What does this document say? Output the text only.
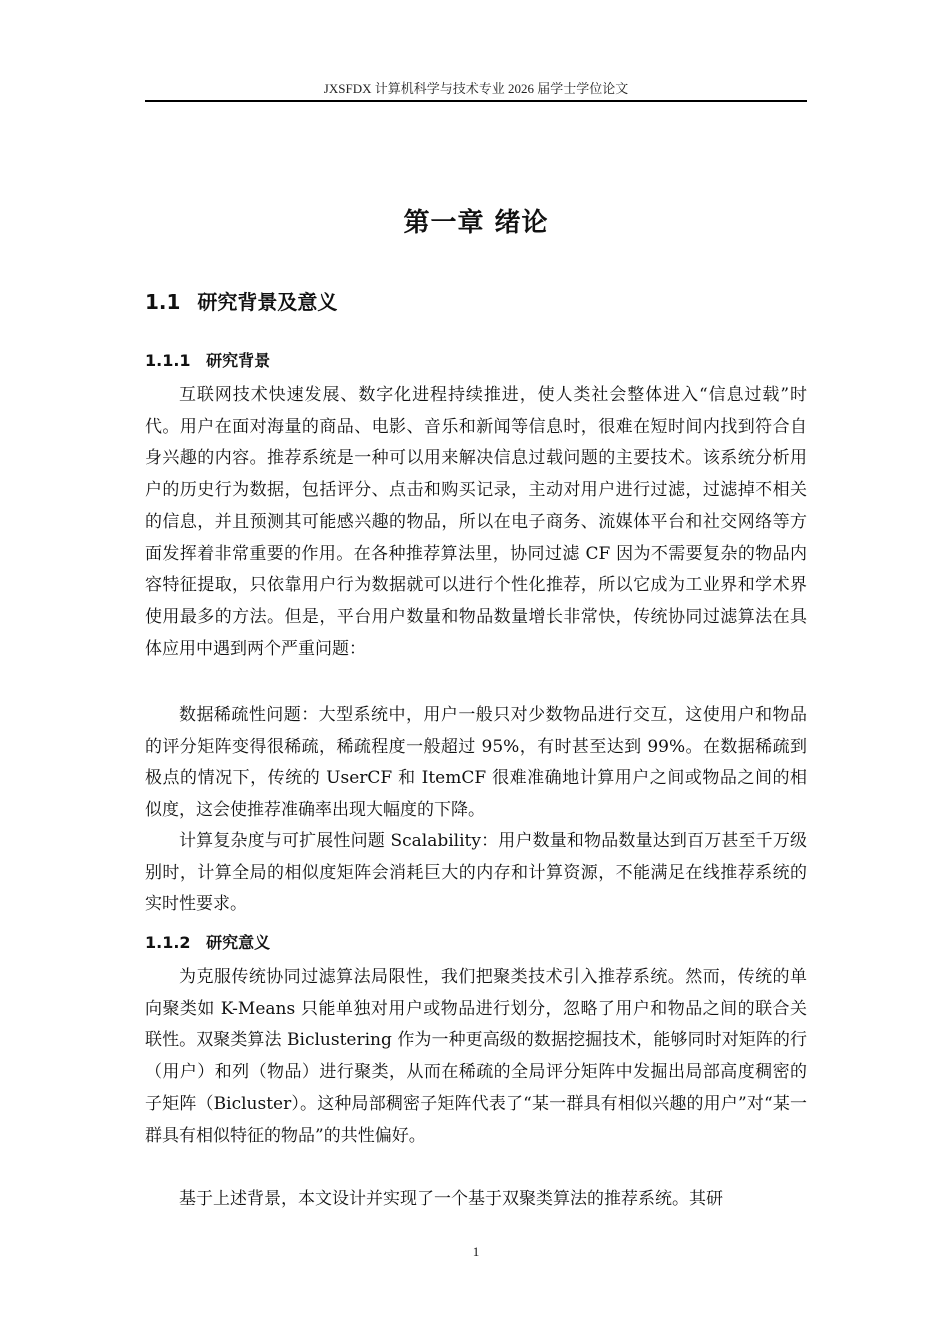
JXSFDX 计算机科学与技术专业 2026 届学士学位论文
第一章 绪论
1.1 研究背景及意义
1.1.1 研究背景

互联网技术快速发展、数字化进程持续推进，使人类社会整体进入“信息过载”时代。用户在面对海量的商品、电影、音乐和新闻等信息时，很难在短时间内找到符合自身兴趣的内容。推荐系统是一种可以用来解决信息过载问题的主要技术。该系统分析用户的历史行为数据，包括评分、点击和购买记录，主动对用户进行过滤，过滤掉不相关的信息，并且预测其可能感兴趣的物品，所以在电子商务、流媒体平台和社交网络等方面发挥着非常重要的作用。在各种推荐算法里，协同过滤 CF 因为不需要复杂的物品内容特征提取，只依靠用户行为数据就可以进行个性化推荐，所以它成为工业界和学术界使用最多的方法。但是，平台用户数量和物品数量增长非常快，传统协同过滤算法在具体应用中遇到两个严重问题：

数据稀疏性问题：大型系统中，用户一般只对少数物品进行交互，这使用户和物品的评分矩阵变得很稀疏，稀疏程度一般超过 95%，有时甚至达到 99%。在数据稀疏到极点的情况下，传统的 UserCF 和 ItemCF 很难准确地计算用户之间或物品之间的相似度，这会使推荐准确率出现大幅度的下降。

计算复杂度与可扩展性问题 Scalability：用户数量和物品数量达到百万甚至千万级别时，计算全局的相似度矩阵会消耗巨大的内存和计算资源，不能满足在线推荐系统的实时性要求。

1.1.2 研究意义

为克服传统协同过滤算法局限性，我们把聚类技术引入推荐系统。然而，传统的单向聚类如 K-Means 只能单独对用户或物品进行划分，忽略了用户和物品之间的联合关联性。双聚类算法 Biclustering 作为一种更高级的数据挖掘技术，能够同时对矩阵的行（用户）和列（物品）进行聚类，从而在稀疏的全局评分矩阵中发掘出局部高度稠密的子矩阵（Bicluster）。这种局部稠密子矩阵代表了“某一群具有相似兴趣的用户”对“某一群具有相似特征的物品”的共性偏好。

基于上述背景，本文设计并实现了一个基于双聚类算法的推荐系统。其研

1
